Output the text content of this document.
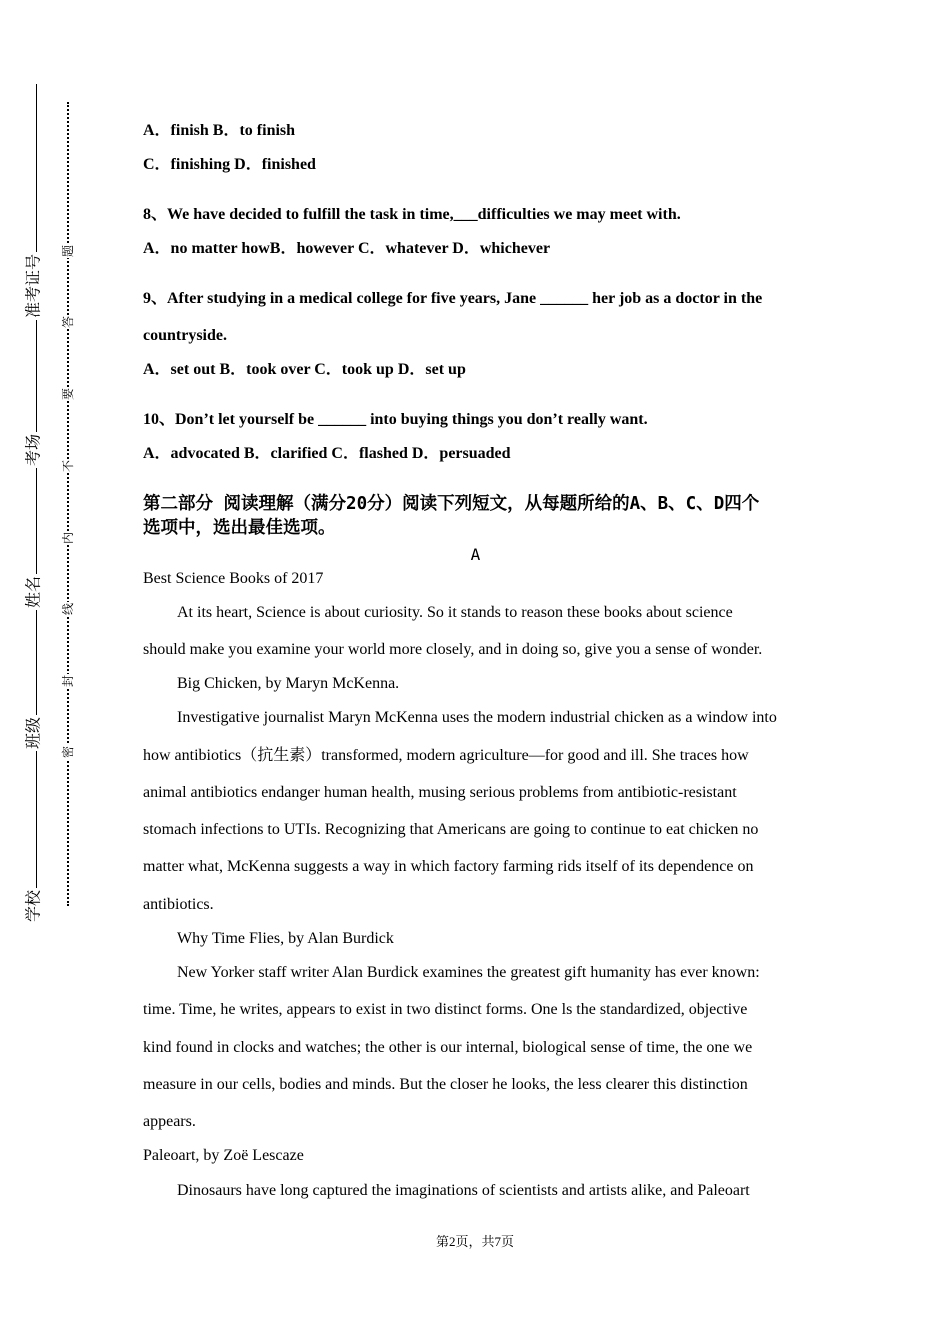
准考证号
考场
姓名
班级
学校
题
答
要
不
内
线
封
密
A．finish B．to finish
C．finishing D．finished
8、We have decided to fulfill the task in time,___difficulties we may meet with.
A．no matter howB．however C．whatever D．whichever
9、After studying in a medical college for five years, Jane ______ her job as a doctor in the
countryside.
A．set out B．took over C．took up D．set up
10、Don’t let yourself be ______ into buying things you don’t really want.
A．advocated B．clarified C．flashed D．persuaded
第二部分 阅读理解（满分20分）阅读下列短文，从每题所给的A、B、C、D四个
选项中，选出最佳选项。
A
Best Science Books of 2017
At its heart, Science is about curiosity. So it stands to reason these books about science
should make you examine your world more closely, and in doing so, give you a sense of wonder.
Big Chicken, by Maryn McKenna.
Investigative journalist Maryn McKenna uses the modern industrial chicken as a window into
how antibiotics（抗生素）transformed, modern agriculture—for good and ill. She traces how
animal antibiotics endanger human health, musing serious problems from antibiotic-resistant
stomach infections to UTIs. Recognizing that Americans are going to continue to eat chicken no
matter what, McKenna suggests a way in which factory farming rids itself of its dependence on
antibiotics.
Why Time Flies, by Alan Burdick
New Yorker staff writer Alan Burdick examines the greatest gift humanity has ever known:
time. Time, he writes, appears to exist in two distinct forms. One ls the standardized, objective
kind found in clocks and watches; the other is our internal, biological sense of time, the one we
measure in our cells, bodies and minds. But the closer he looks, the less clearer this distinction
appears.
Paleoart, by Zoë Lescaze
Dinosaurs have long captured the imaginations of scientists and artists alike, and Paleoart
第2页，共7页
